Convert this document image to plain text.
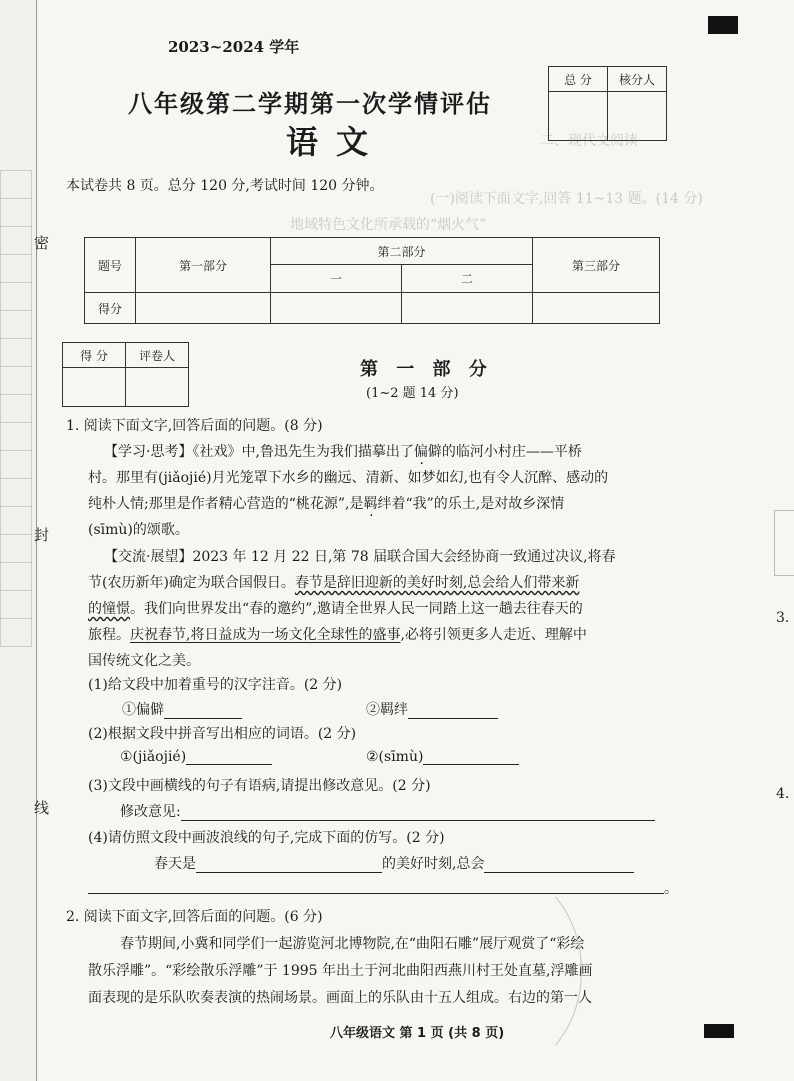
二、现代文阅读
(一)阅读下面文字,回答 11~13 题。(14 分)
地域特色文化所承载的“烟火气”
2023~2024 学年
八年级第二学期第一次学情评估
语文
总 分	核分人

本试卷共 8 页。总分 120 分,考试时间 120 分钟。
题号	第一部分	第二部分		第三部分
		一	二	
得分				
密
封
线
得 分	评卷人

第 一 部 分
(1~2 题 14 分)
1. 阅读下面文字,回答后面的问题。(8 分)
【学习·思考】《社戏》中,鲁迅先生为我们描摹出了偏僻的临河小村庄——平桥
村。那里有(jiǎojié)月光笼罩下水乡的幽远、清新、如梦如幻,也有令人沉醉、感动的
纯朴人情;那里是作者精心营造的“桃花源”,是羁绊着“我”的乐土,是对故乡深情
(sīmù)的颂歌。
【交流·展望】2023 年 12 月 22 日,第 78 届联合国大会经协商一致通过决议,将春
节(农历新年)确定为联合国假日。春节是辞旧迎新的美好时刻,总会给人们带来新
的憧憬。我们向世界发出“春的邀约”,邀请全世界人民一同踏上这一趟去往春天的
旅程。庆祝春节,将日益成为一场文化全球性的盛事,必将引领更多人走近、理解中
国传统文化之美。
(1)给文段中加着重号的汉字注音。(2 分)
①偏僻	②羁绊
(2)根据文段中拼音写出相应的词语。(2 分)
①(jiǎojié)	②(sīmù)
(3)文段中画横线的句子有语病,请提出修改意见。(2 分)
修改意见:
(4)请仿照文段中画波浪线的句子,完成下面的仿写。(2 分)
春天是	的美好时刻,总会
。
2. 阅读下面文字,回答后面的问题。(6 分)
春节期间,小冀和同学们一起游览河北博物院,在“曲阳石雕”展厅观赏了“彩绘
散乐浮雕”。“彩绘散乐浮雕”于 1995 年出土于河北曲阳西燕川村王处直墓,浮雕画
面表现的是乐队吹奏表演的热闹场景。画面上的乐队由十五人组成。右边的第一人
3.
4.
八年级语文 第 1 页 (共 8 页)
